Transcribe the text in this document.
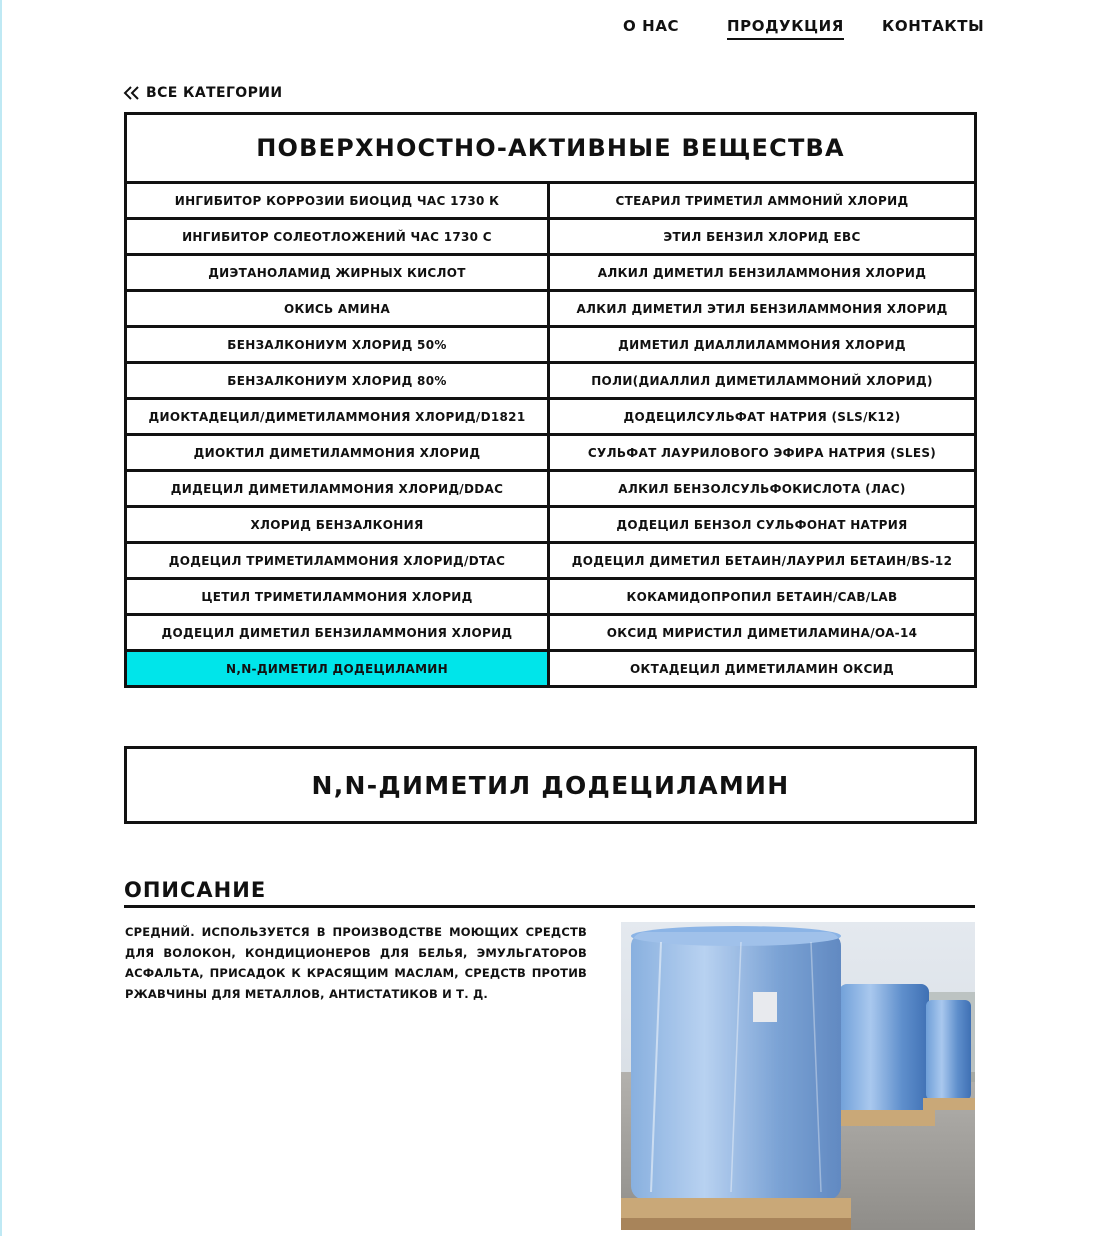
О НАС	ПРОДУКЦИЯ	КОНТАКТЫ
ВСЕ КАТЕГОРИИ
ПОВЕРХНОСТНО-АКТИВНЫЕ ВЕЩЕСТВА
ИНГИБИТОР КОРРОЗИИ БИОЦИД ЧАС 1730 К	СТЕАРИЛ ТРИМЕТИЛ АММОНИЙ ХЛОРИД
ИНГИБИТОР СОЛЕОТЛОЖЕНИЙ ЧАС 1730 С	ЭТИЛ БЕНЗИЛ ХЛОРИД EBC
ДИЭТАНОЛАМИД ЖИРНЫХ КИСЛОТ	АЛКИЛ ДИМЕТИЛ БЕНЗИЛАММОНИЯ ХЛОРИД
ОКИСЬ АМИНА	АЛКИЛ ДИМЕТИЛ ЭТИЛ БЕНЗИЛАММОНИЯ ХЛОРИД
БЕНЗАЛКОНИУМ ХЛОРИД 50%	ДИМЕТИЛ ДИАЛЛИЛАММОНИЯ ХЛОРИД
БЕНЗАЛКОНИУМ ХЛОРИД 80%	ПОЛИ(ДИАЛЛИЛ ДИМЕТИЛАММОНИЙ ХЛОРИД)
ДИОКТАДЕЦИЛ/ДИМЕТИЛАММОНИЯ ХЛОРИД/D1821	ДОДЕЦИЛСУЛЬФАТ НАТРИЯ (SLS/K12)
ДИОКТИЛ ДИМЕТИЛАММОНИЯ ХЛОРИД	СУЛЬФАТ ЛАУРИЛОВОГО ЭФИРА НАТРИЯ (SLES)
ДИДЕЦИЛ ДИМЕТИЛАММОНИЯ ХЛОРИД/DDAC	АЛКИЛ БЕНЗОЛСУЛЬФОКИСЛОТА (ЛАС)
ХЛОРИД БЕНЗАЛКОНИЯ	ДОДЕЦИЛ БЕНЗОЛ СУЛЬФОНАТ НАТРИЯ
ДОДЕЦИЛ ТРИМЕТИЛАММОНИЯ ХЛОРИД/DTAC	ДОДЕЦИЛ ДИМЕТИЛ БЕТАИН/ЛАУРИЛ БЕТАИН/BS-12
ЦЕТИЛ ТРИМЕТИЛАММОНИЯ ХЛОРИД	КОКАМИДОПРОПИЛ БЕТАИН/CAB/LAB
ДОДЕЦИЛ ДИМЕТИЛ БЕНЗИЛАММОНИЯ ХЛОРИД	ОКСИД МИРИСТИЛ ДИМЕТИЛАМИНА/OA-14
N,N-ДИМЕТИЛ ДОДЕЦИЛАМИН	ОКТАДЕЦИЛ ДИМЕТИЛАМИН ОКСИД
N,N-ДИМЕТИЛ ДОДЕЦИЛАМИН
ОПИСАНИЕ

СРЕДНИЙ. ИСПОЛЬЗУЕТСЯ В ПРОИЗВОДСТВЕ МОЮЩИХ СРЕДСТВ ДЛЯ ВОЛОКОН, КОНДИЦИОНЕРОВ ДЛЯ БЕЛЬЯ, ЭМУЛЬГАТОРОВ АСФАЛЬТА, ПРИСАДОК К КРАСЯЩИМ МАСЛАМ, СРЕДСТВ ПРОТИВ РЖАВЧИНЫ ДЛЯ МЕТАЛЛОВ, АНТИСТАТИКОВ И Т. Д.
